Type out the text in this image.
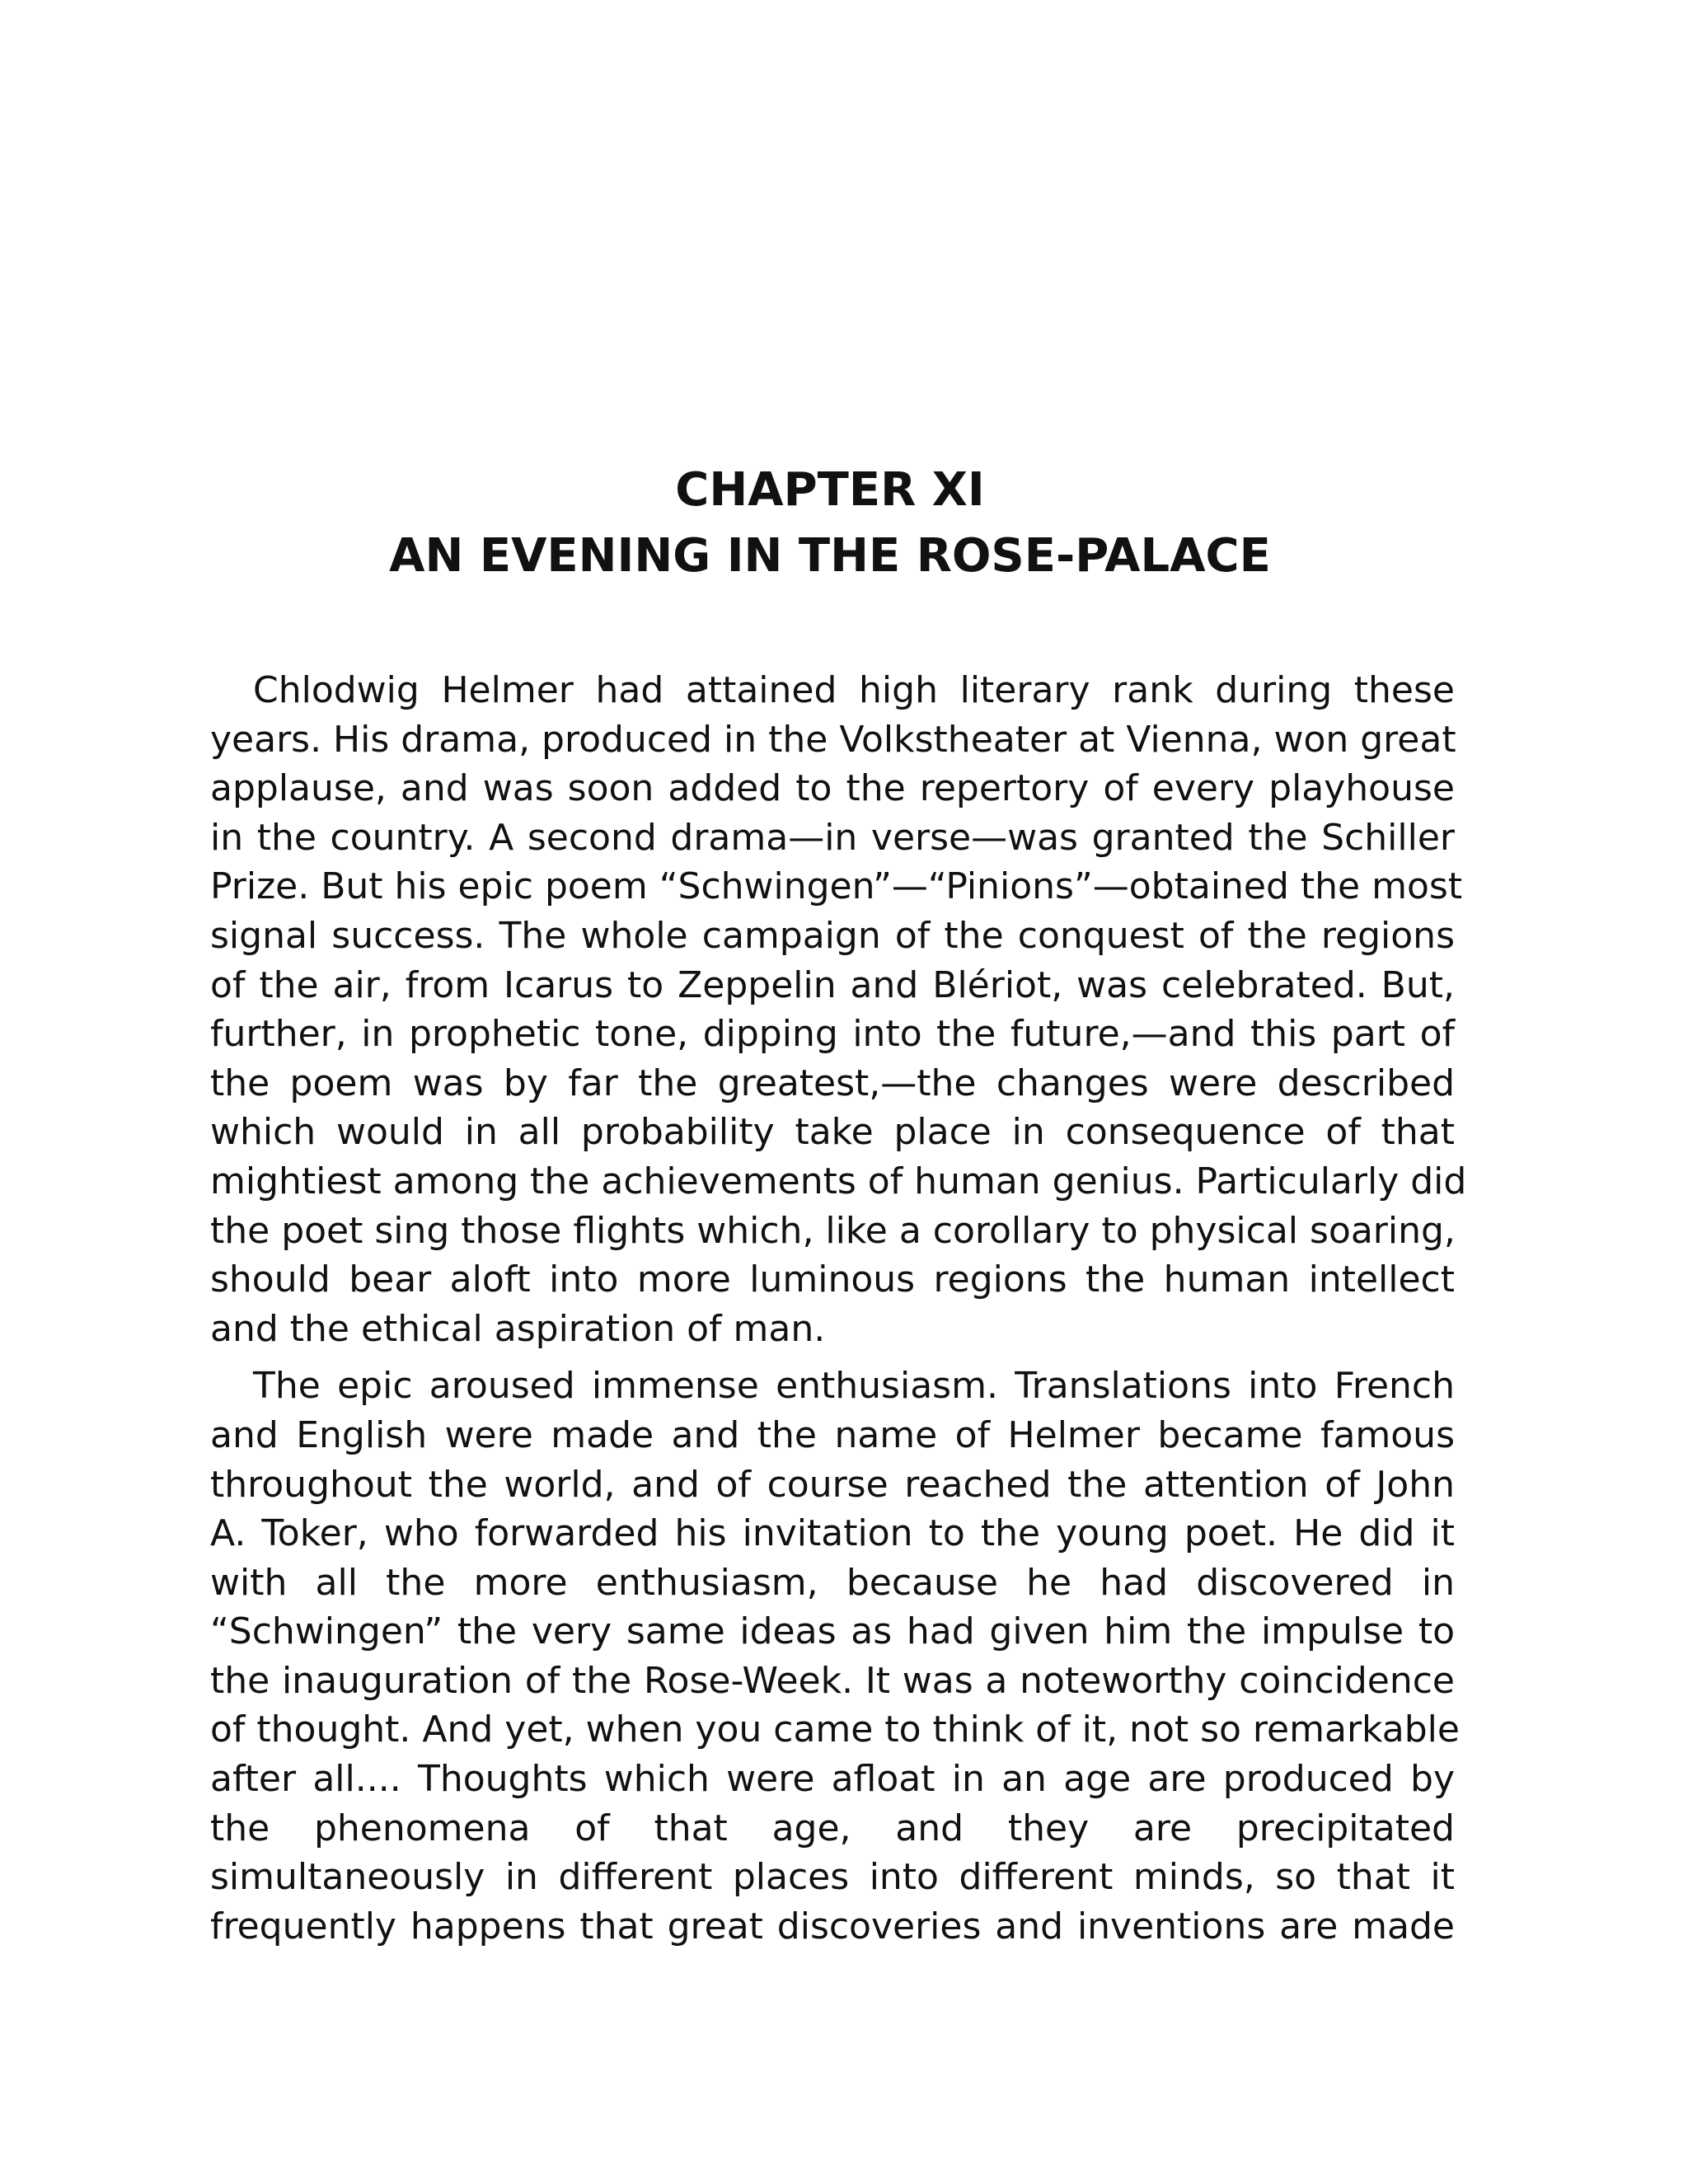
CHAPTER XI
AN EVENING IN THE ROSE-PALACE
Chlodwig Helmer had attained high literary rank during these
years. His drama, produced in the Volkstheater at Vienna, won great
applause, and was soon added to the repertory of every playhouse
in the country. A second drama—in verse—was granted the Schiller
Prize. But his epic poem “Schwingen”—“Pinions”—obtained the most
signal success. The whole campaign of the conquest of the regions
of the air, from Icarus to Zeppelin and Blériot, was celebrated. But,
further, in prophetic tone, dipping into the future,—and this part of
the poem was by far the greatest,—the changes were described
which would in all probability take place in consequence of that
mightiest among the achievements of human genius. Particularly did
the poet sing those flights which, like a corollary to physical soaring,
should bear aloft into more luminous regions the human intellect
and the ethical aspiration of man.
The epic aroused immense enthusiasm. Translations into French
and English were made and the name of Helmer became famous
throughout the world, and of course reached the attention of John
A. Toker, who forwarded his invitation to the young poet. He did it
with all the more enthusiasm, because he had discovered in
“Schwingen” the very same ideas as had given him the impulse to
the inauguration of the Rose-Week. It was a noteworthy coincidence
of thought. And yet, when you came to think of it, not so remarkable
after all.... Thoughts which were afloat in an age are produced by
the phenomena of that age, and they are precipitated
simultaneously in different places into different minds, so that it
frequently happens that great discoveries and inventions are made
